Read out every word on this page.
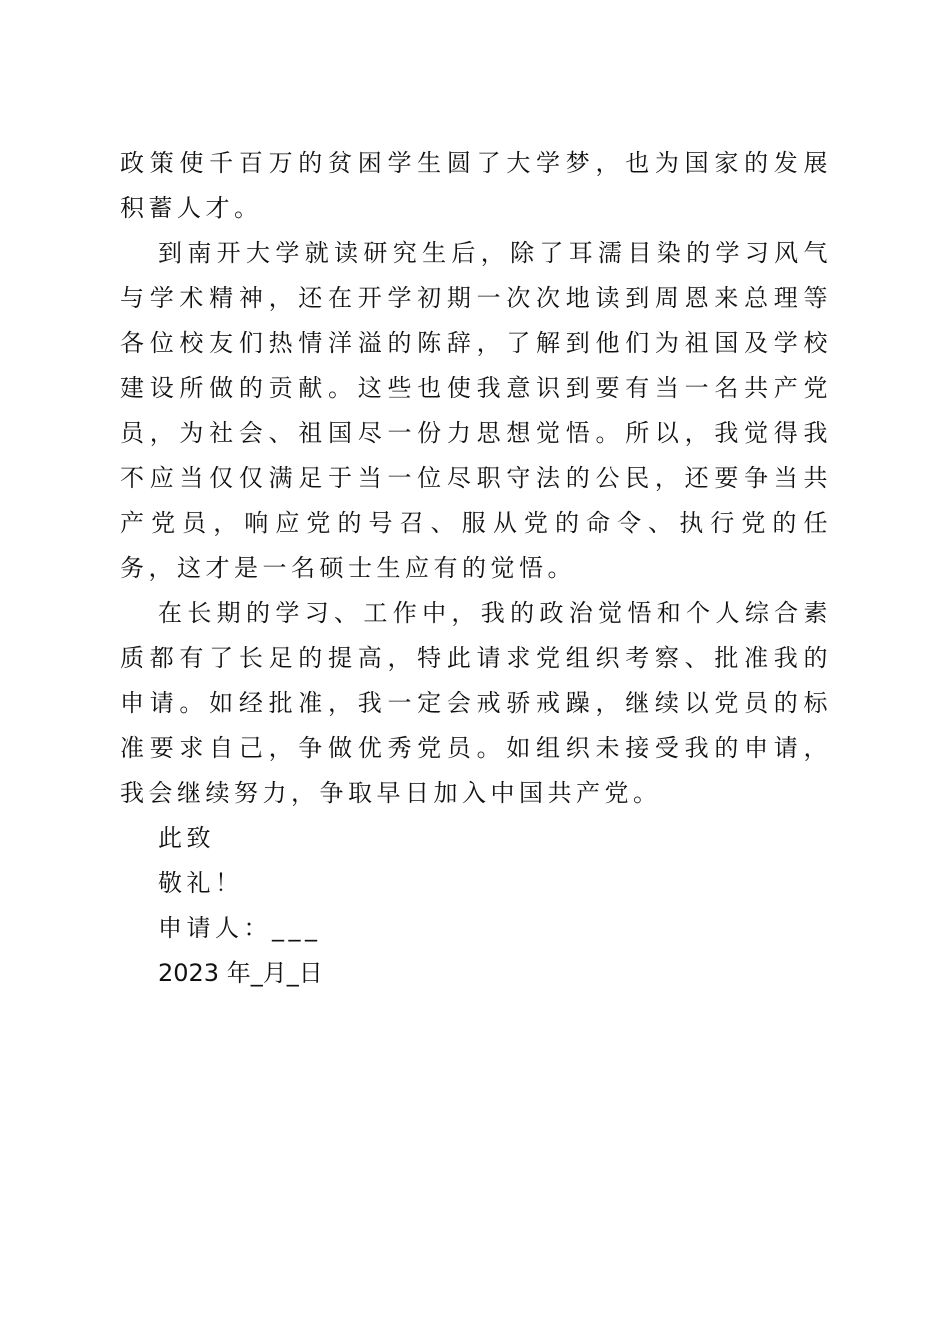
政策使千百万的贫困学生圆了大学梦，也为国家的发展积蓄人才。

到南开大学就读研究生后，除了耳濡目染的学习风气与学术精神，还在开学初期一次次地读到周恩来总理等各位校友们热情洋溢的陈辞，了解到他们为祖国及学校建设所做的贡献。这些也使我意识到要有当一名共产党员，为社会、祖国尽一份力思想觉悟。所以，我觉得我不应当仅仅满足于当一位尽职守法的公民，还要争当共产党员，响应党的号召、服从党的命令、执行党的任务，这才是一名硕士生应有的觉悟。

在长期的学习、工作中，我的政治觉悟和个人综合素质都有了长足的提高，特此请求党组织考察、批准我的申请。如经批准，我一定会戒骄戒躁，继续以党员的标准要求自己，争做优秀党员。如组织未接受我的申请，我会继续努力，争取早日加入中国共产党。

此致

敬礼！

申请人：___

2023 年_月_日
